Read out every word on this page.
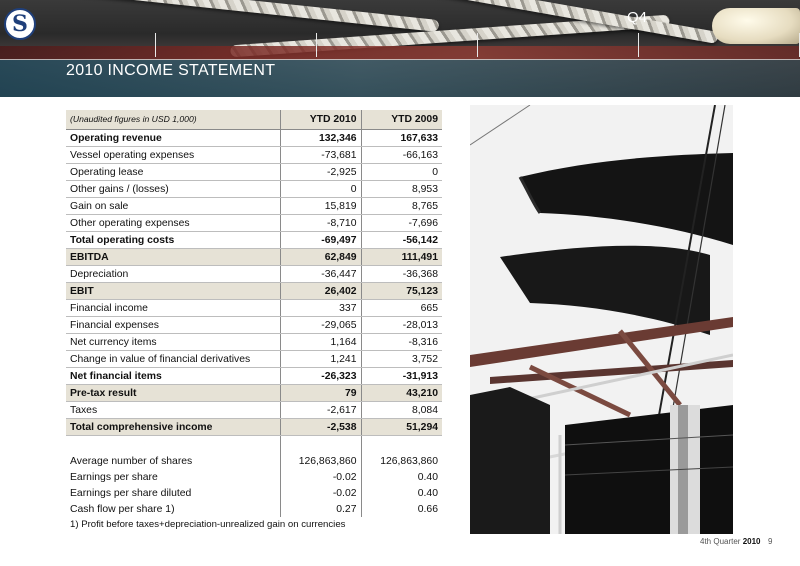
S	Q4
2010 INCOME STATEMENT
(Unaudited figures in USD 1,000)	YTD 2010	YTD 2009
Operating revenue	132,346	167,633
Vessel operating expenses	-73,681	-66,163
Operating lease	-2,925	0
Other gains / (losses)	0	8,953
Gain on sale	15,819	8,765
Other operating expenses	-8,710	-7,696
Total operating costs	-69,497	-56,142
EBITDA	62,849	111,491
Depreciation	-36,447	-36,368
EBIT	26,402	75,123
Financial income	337	665
Financial expenses	-29,065	-28,013
Net currency items	1,164	-8,316
Change in value of financial derivatives	1,241	3,752
Net financial items	-26,323	-31,913
Pre-tax result	79	43,210
Taxes	-2,617	8,084
Total comprehensive income	-2,538	51,294

Average number of shares	126,863,860	126,863,860
Earnings per share	-0.02	0.40
Earnings per share diluted	-0.02	0.40
Cash flow per share 1)	0.27	0.66
1) Profit before taxes+depreciation-unrealized gain on currencies
4th Quarter 2010 9
